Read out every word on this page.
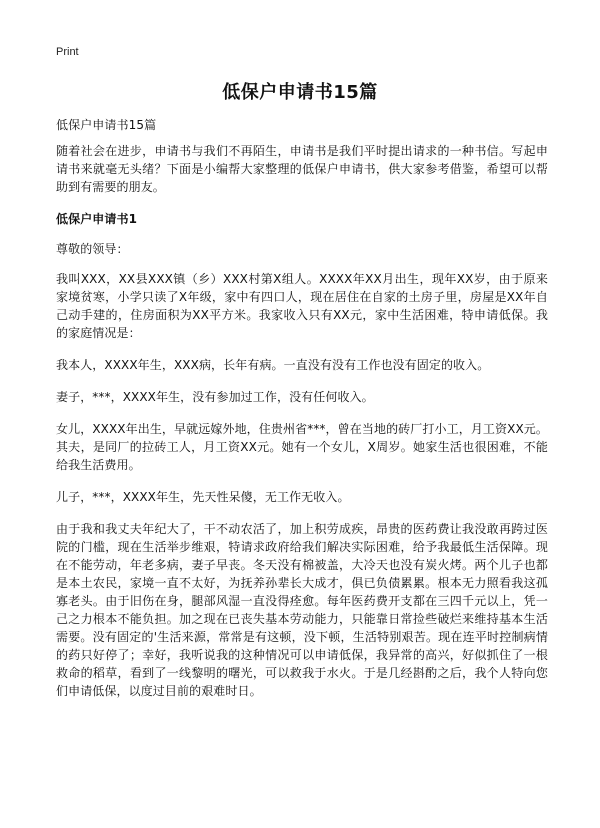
Print
低保户申请书15篇

低保户申请书15篇

随着社会在进步，申请书与我们不再陌生，申请书是我们平时提出请求的一种书信。写起申请书来就毫无头绪？下面是小编帮大家整理的低保户申请书，供大家参考借鉴，希望可以帮助到有需要的朋友。

低保户申请书1

尊敬的领导：

我叫XXX，XX县XXX镇（乡）XXX村第X组人。XXXX年XX月出生，现年XX岁，由于原来家境贫寒，小学只读了X年级，家中有四口人，现在居住在自家的土房子里，房屋是XX年自己动手建的，住房面积为XX平方米。我家收入只有XX元，家中生活困难，特申请低保。我的家庭情况是：

我本人，XXXX年生，XXX病，长年有病。一直没有没有工作也没有固定的收入。

妻子，***，XXXX年生，没有参加过工作，没有任何收入。

女儿，XXXX年出生，早就远嫁外地，住贵州省***，曾在当地的砖厂打小工，月工资XX元。其夫，是同厂的拉砖工人，月工资XX元。她有一个女儿，X周岁。她家生活也很困难，不能给我生活费用。

儿子，***，XXXX年生，先天性呆傻，无工作无收入。

由于我和我丈夫年纪大了，干不动农活了，加上积劳成疾，昂贵的医药费让我没敢再跨过医院的门槛，现在生活举步维艰，特请求政府给我们解决实际困难，给予我最低生活保障。现在不能劳动，年老多病，妻子早丧。冬天没有棉被盖，大冷天也没有炭火烤。两个儿子也都是本土农民，家境一直不太好，为抚养孙辈长大成才，俱已负债累累。根本无力照看我这孤寡老头。由于旧伤在身，腿部风湿一直没得痊愈。每年医药费开支都在三四千元以上，凭一己之力根本不能负担。加之现在已丧失基本劳动能力，只能靠日常捡些破烂来维持基本生活需要。没有固定的'生活来源，常常是有这顿，没下顿，生活特别艰苦。现在连平时控制病情的药只好停了；幸好，我听说我的这种情况可以申请低保，我异常的高兴，好似抓住了一根救命的稻草，看到了一线黎明的曙光，可以救我于水火。于是几经斟酌之后，我个人特向您们申请低保，以度过目前的艰难时日。
